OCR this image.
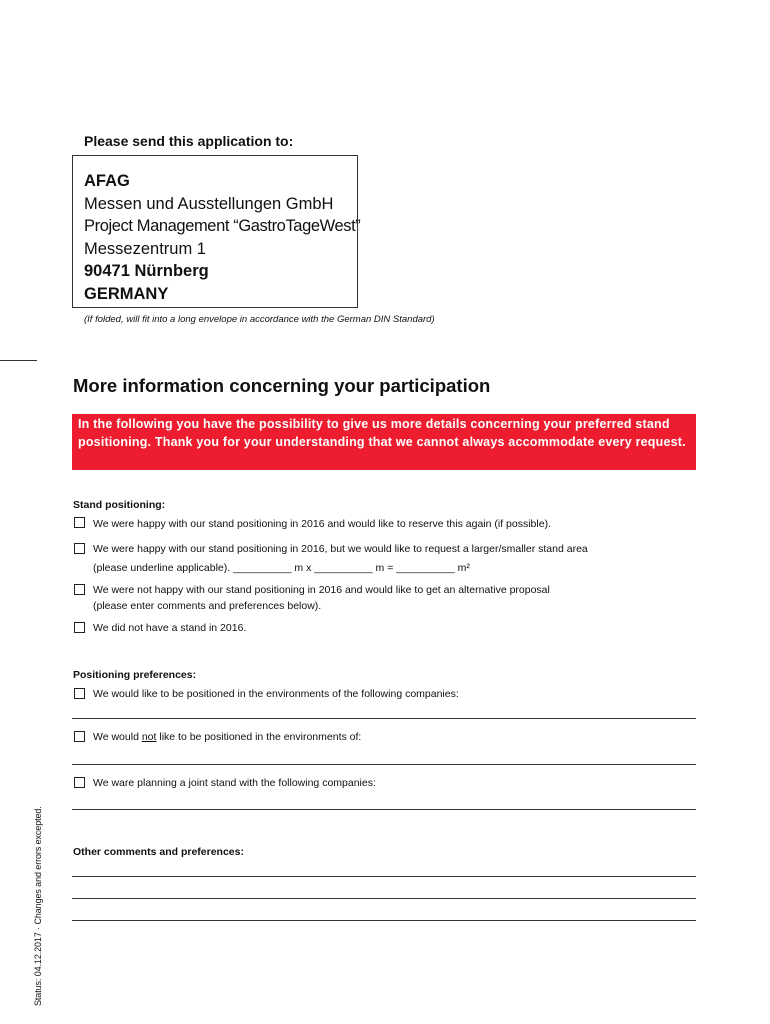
Please send this application to:
AFAG
Messen und Ausstellungen GmbH
Project Management “GastroTageWest”
Messezentrum 1
90471 Nürnberg
GERMANY
(If folded, will fit into a long envelope in accordance with the German DIN Standard)
More information concerning your participation
In the following you have the possibility to give us more details concerning your preferred stand positioning. Thank you for your understanding that we cannot always accommodate every request.
Stand positioning:
We were happy with our stand positioning in 2016 and would like to reserve this again (if possible).
We were happy with our stand positioning in 2016, but we would like to request a larger/smaller stand area
(please underline applicable). __________ m x __________ m = __________ m²
We were not happy with our stand positioning in 2016 and would like to get an alternative proposal
(please enter comments and preferences below).
We did not have a stand in 2016.
Positioning preferences:
We would like to be positioned in the environments of the following companies:
We would not like to be positioned in the environments of:
We ware planning a joint stand with the following companies:
Other comments and preferences:
Status: 04.12.2017 · Changes and errors excepted.
